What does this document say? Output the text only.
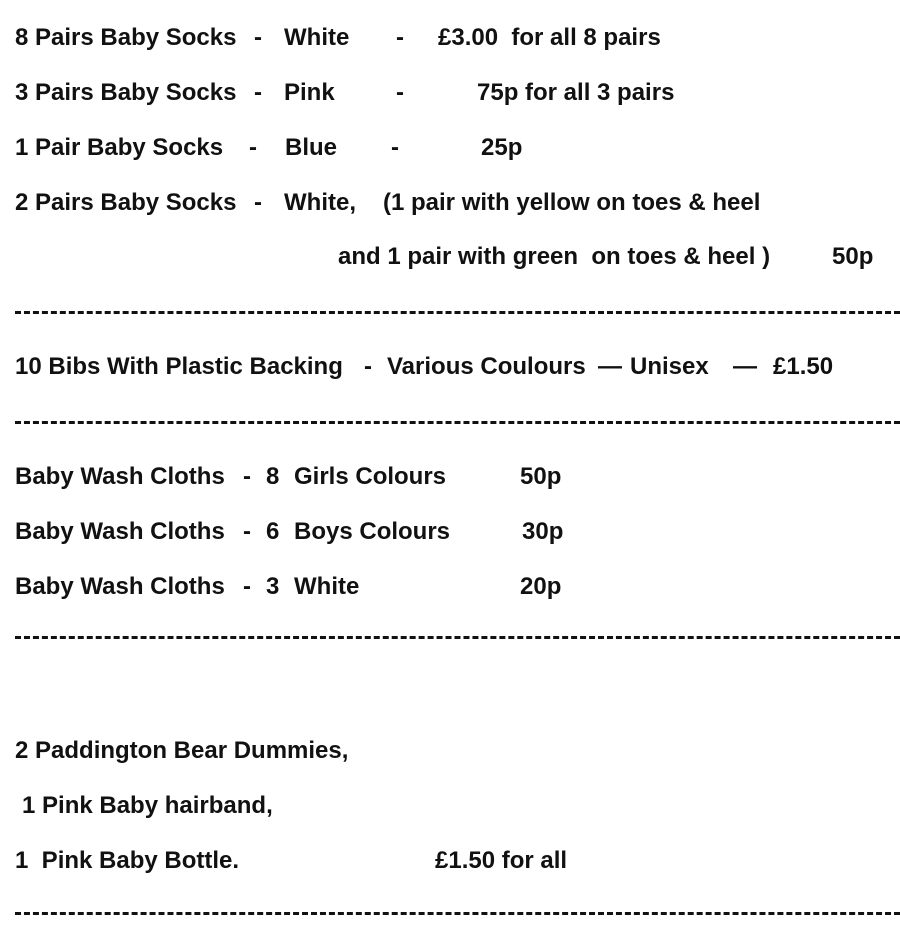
8 Pairs Baby Socks - White - £3.00  for all 8 pairs
3 Pairs Baby Socks - Pink	-	75p for all 3 pairs
1 Pair Baby Socks - Blue -	25p
2 Pairs Baby Socks - White, (1 pair with yellow on toes & heel
and 1 pair with green  on toes & heel )	50p
10 Bibs With Plastic Backing - Various Coulours — Unisex — £1.50
Baby Wash Cloths - 8 Girls Colours	50p
Baby Wash Cloths - 6 Boys Colours	30p
Baby Wash Cloths - 3 White	20p
2 Paddington Bear Dummies,
1 Pink Baby hairband,
1  Pink Baby Bottle.	£1.50 for all
